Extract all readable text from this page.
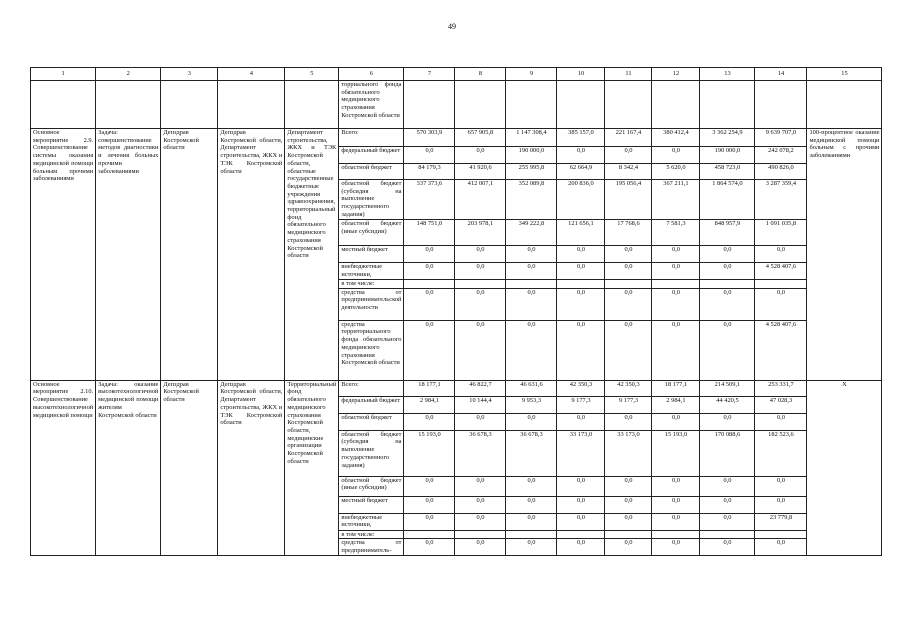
49
1	2	3	4	5	6	7	8	9	10	11	12	13	14	15
					торриального фонда обязательного медицинского страхования Костромской области									
Основное мероприятие 2.9. Совершенствование системы оказания медицинской помощи больным прочими заболеваниями	Задача: совершенствование методов диагностики и лечения больных прочими заболеваниями	Депздрав Костромской области	Депздрав Костромской области, Департамент строительства, ЖКХ и ТЭК Костромской области	Департамент строительства, ЖКХ и ТЭК Костромской области, областные государственные бюджетные учреждения здравоохранения, территориальный фонд обязательного медицинского страхования Костромской области	Всего:	570 303,9	657 905,8	1 147 308,4	385 157,0	221 167,4	380 412,4	3 362 254,9	9 639 707,0	100-процентное оказание медицинской помощи больным с прочими заболеваниями
					федеральный бюджет	0,0	0,0	190 000,0	0,0	0,0	0,0	190 000,0	242 078,2	
					областной бюджет	84 179,3	41 920,6	255 995,8	62 664,9	8 342,4	5 620,0	458 723,0	490 826,0	
					областной бюджет (субсидия на выполнение государственного задания)	337 373,6	412 007,1	352 089,8	200 836,0	195 056,4	367 211,1	1 864 574,0	3 287 359,4	
					областной бюджет (иные субсидии)	148 751,0	203 978,1	349 222,8	121 656,1	17 768,6	7 581,3	848 957,9	1 091 035,8	
					местный бюджет	0,0	0,0	0,0	0,0	0,0	0,0	0,0	0,0	
					внебюджетные источники,	0,0	0,0	0,0	0,0	0,0	0,0	0,0	4 528 407,6	
					в том числе:									
					средства от предпринимательской деятельности	0,0	0,0	0,0	0,0	0,0	0,0	0,0	0,0	
					средства территориального фонда обязательного медицинского страхования Костромской области	0,0	0,0	0,0	0,0	0,0	0,0	0,0	4 528 407,6	
Основное мероприятие 2.10. Совершенствование высокотехнологичной медицинской помощи	Задача: оказание высокотехнологичной медицинской помощи жителям Костромской области	Депздрав Костромской области	Депздрав Костромской области, Департамент строительства, ЖКХ и ТЭК Костромской области	Территориальный фонд обязательного медицинского страхования Костромской области, медицинские организации Костромской области	Всего:	18 177,1	46 822,7	46 631,6	42 350,3	42 350,3	18 177,1	214 509,1	253 331,7	X
					федеральный бюджет	2 984,1	10 144,4	9 953,3	9 177,3	9 177,3	2 984,1	44 420,5	47 028,3	
					областной бюджет	0,0	0,0	0,0	0,0	0,0	0,0	0,0	0,0	
					областной бюджет (субсидия на выполнение государственного задания)	15 193,0	36 678,3	36 678,3	33 173,0	33 173,0	15 193,0	170 088,6	182 523,6	
					областной бюджет (иные субсидии)	0,0	0,0	0,0	0,0	0,0	0,0	0,0	0,0	
					местный бюджет	0,0	0,0	0,0	0,0	0,0	0,0	0,0	0,0	
					внебюджетные источники,	0,0	0,0	0,0	0,0	0,0	0,0	0,0	23 779,8	
					в том числе:									
					средства от предприниматель-	0,0	0,0	0,0	0,0	0,0	0,0	0,0	0,0	
